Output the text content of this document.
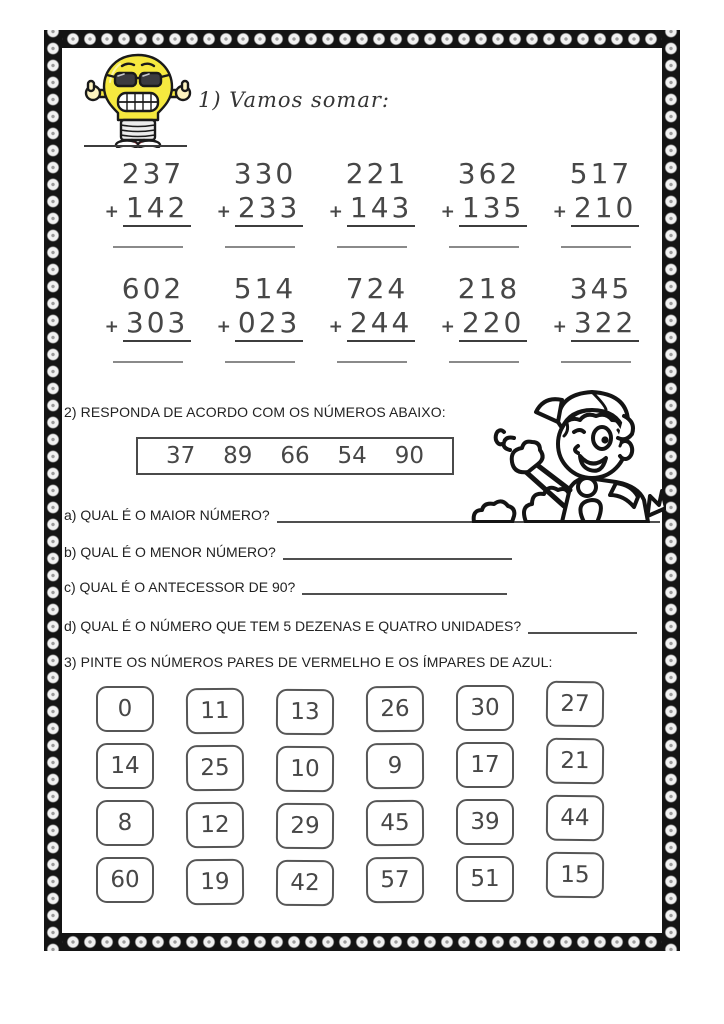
1) Vamos somar:
237
+ 142
330
+ 233
221
+ 143
362
+ 135
517
+ 210
602
+ 303
514
+ 023
724
+ 244
218
+ 220
345
+ 322
2) RESPONDA DE ACORDO COM OS NÚMEROS ABAIXO:
37 89 66 54 90
a) QUAL É O MAIOR NÚMERO?
b) QUAL É O MENOR NÚMERO?
c) QUAL É O ANTECESSOR DE 90?
d) QUAL É O NÚMERO QUE TEM 5 DEZENAS E QUATRO UNIDADES?
3) PINTE OS NÚMEROS PARES DE VERMELHO E OS ÍMPARES DE AZUL:
0	11	13	26	30	27
14	25	10	9	17	21
8	12	29	45	39	44
60	19	42	57	51	15
